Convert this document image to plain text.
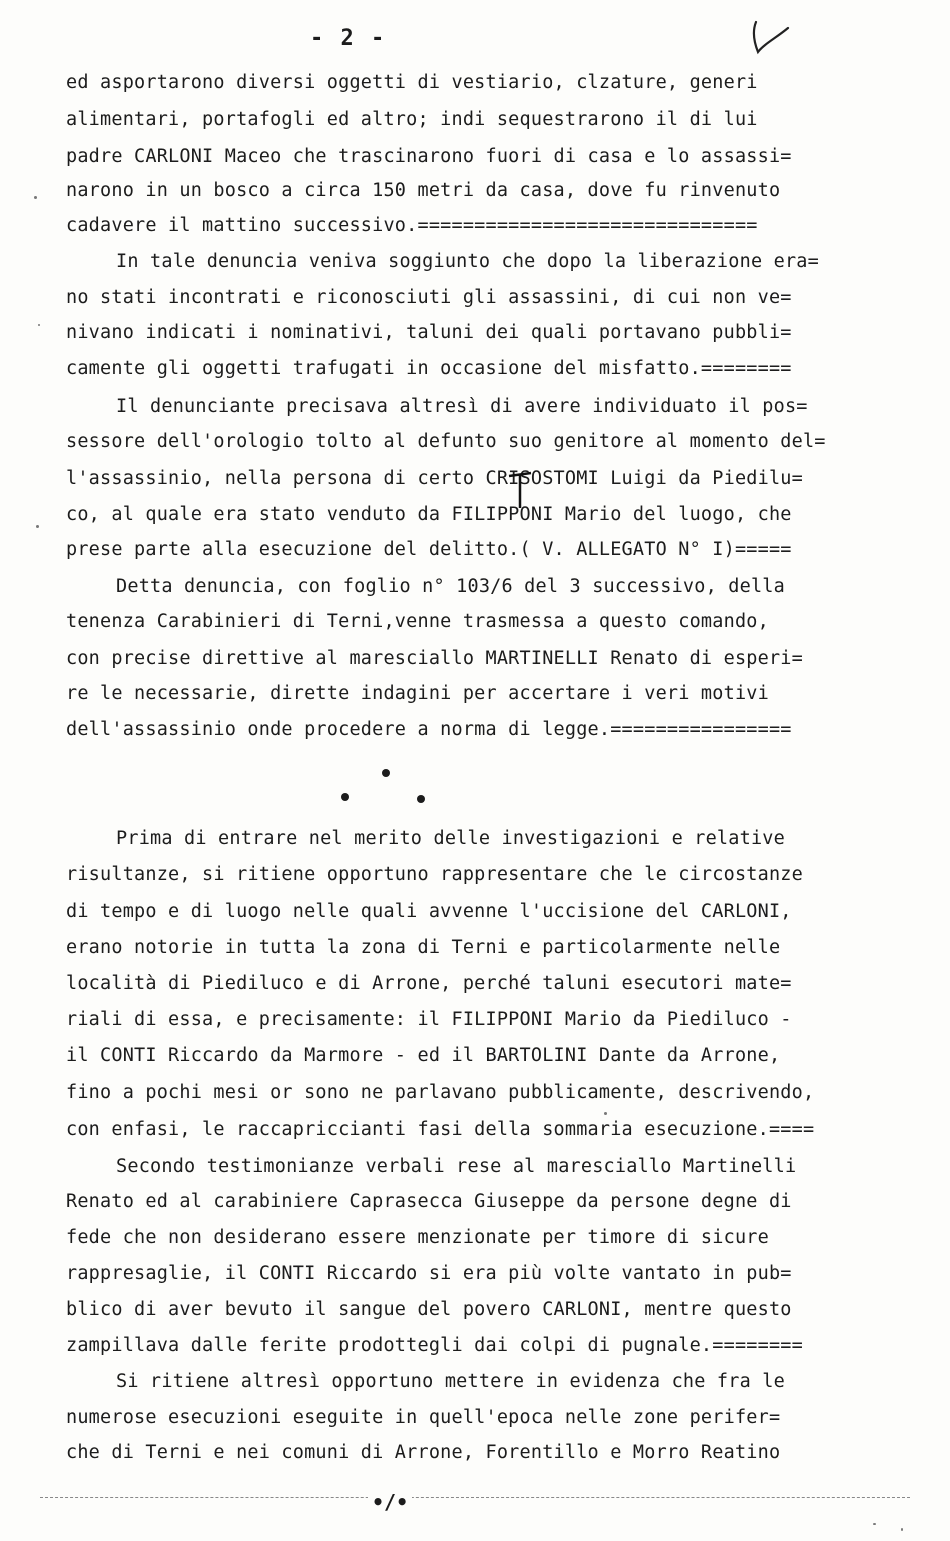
- 2 -
ed asportarono diversi oggetti di vestiario, clzature, generi
alimentari, portafogli ed altro; indi sequestrarono il di lui
padre CARLONI Maceo che trascinarono fuori di casa e lo assassi=
narono in un bosco a circa 150 metri da casa, dove fu rinvenuto
cadavere il mattino successivo.==============================
In tale denuncia veniva soggiunto che dopo la liberazione era=
no stati incontrati e riconosciuti gli assassini, di cui non ve=
nivano indicati i nominativi, taluni dei quali portavano pubbli=
camente gli oggetti trafugati in occasione del misfatto.========
Il denunciante precisava altresì di avere individuato il pos=
sessore dell'orologio tolto al defunto suo genitore al momento del=
l'assassinio, nella persona di certo CRISOSTOMI Luigi da Piedilu=
co, al quale era stato venduto da FILIPPONI Mario del luogo, che
prese parte alla esecuzione del delitto.( V. ALLEGATO N° I)=====
Detta denuncia, con foglio n° 103/6 del 3 successivo, della
tenenza Carabinieri di Terni,venne trasmessa a questo comando,
con precise direttive al maresciallo MARTINELLI Renato di esperi=
re le necessarie, dirette indagini per accertare i veri motivi
dell'assassinio onde procedere a norma di legge.================
Prima di entrare nel merito delle investigazioni e relative
risultanze, si ritiene opportuno rappresentare che le circostanze
di tempo e di luogo nelle quali avvenne l'uccisione del CARLONI,
erano notorie in tutta la zona di Terni e particolarmente nelle
località di Piediluco e di Arrone, perché taluni esecutori mate=
riali di essa, e precisamente: il FILIPPONI Mario da Piediluco -
il CONTI Riccardo da Marmore - ed il BARTOLINI Dante da Arrone,
fino a pochi mesi or sono ne parlavano pubblicamente, descrivendo,
con enfasi, le raccapriccianti fasi della sommaria esecuzione.====
Secondo testimonianze verbali rese al maresciallo Martinelli
Renato ed al carabiniere Caprasecca Giuseppe da persone degne di
fede che non desiderano essere menzionate per timore di sicure
rappresaglie, il CONTI Riccardo si era più volte vantato in pub=
blico di aver bevuto il sangue del povero CARLONI, mentre questo
zampillava dalle ferite prodottegli dai colpi di pugnale.========
Si ritiene altresì opportuno mettere in evidenza che fra le
numerose esecuzioni eseguite in quell'epoca nelle zone perifer=
che di Terni e nei comuni di Arrone, Forentillo e Morro Reatino
•/•
